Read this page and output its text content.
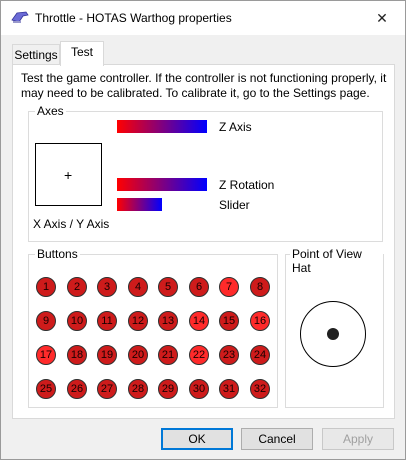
Throttle - HOTAS Warthog properties	✕
Settings	Test
Test the game controller. If the controller is not functioning properly, it may need to be calibrated. To calibrate it, go to the Settings page.
Axes
+
X Axis / Y Axis
Z Axis
Z Rotation
Slider
Buttons
1	2	3	4	5	6	7	8
9	10	11	12	13	14	15	16
17	18	19	20	21	22	23	24
25	26	27	28	29	30	31	32
Point of View Hat
OK	Cancel	Apply
